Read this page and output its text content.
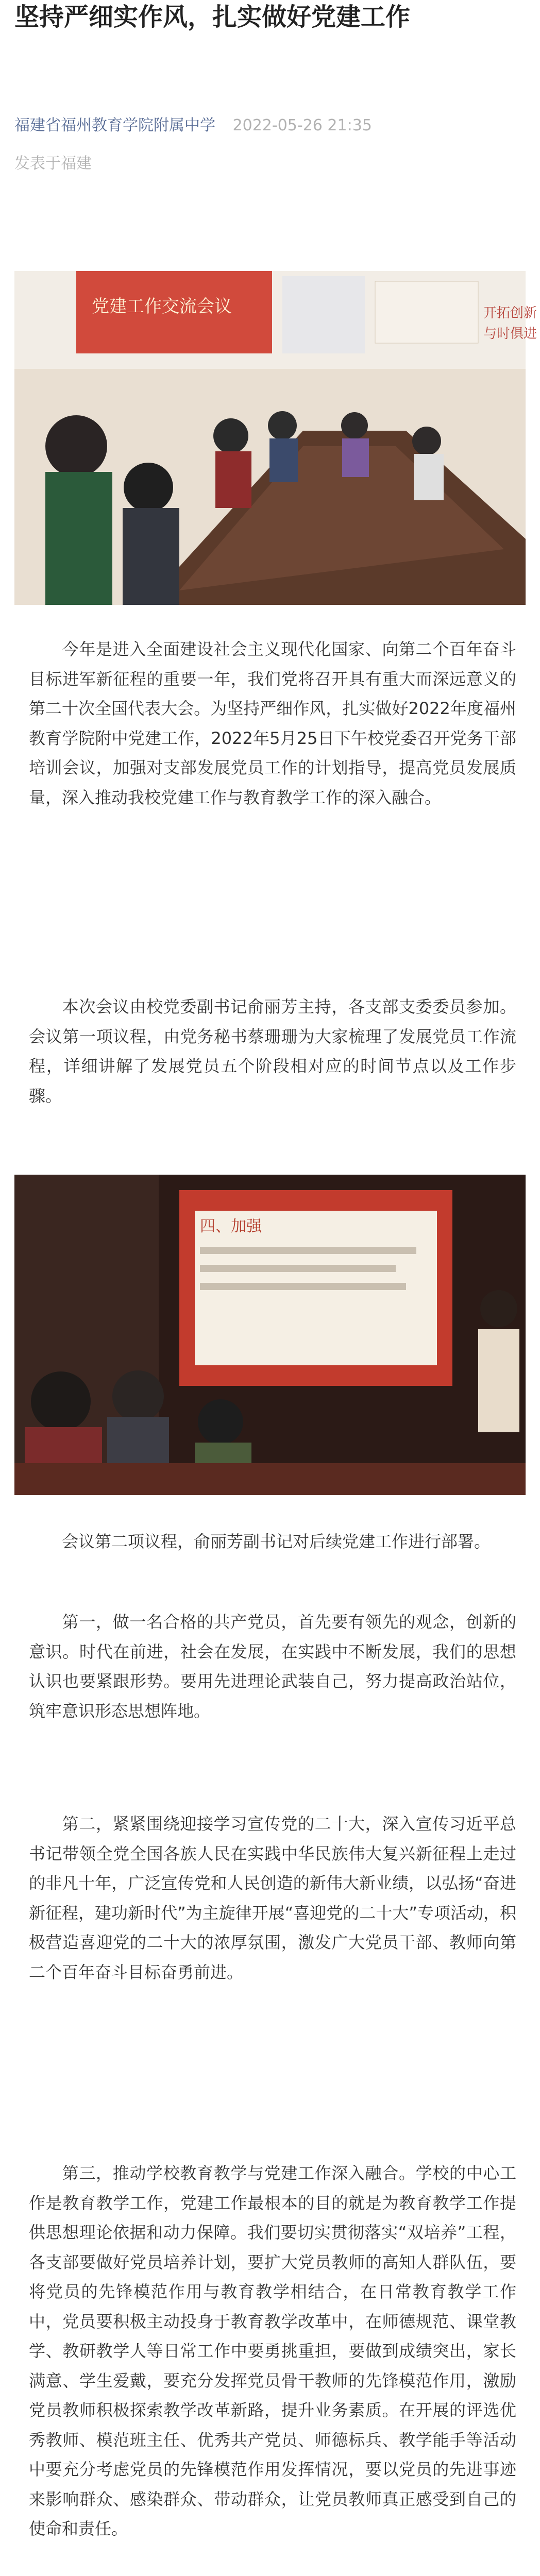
坚持严细实作风，扎实做好党建工作
福建省福州教育学院附属中学 2022-05-26 21:35
发表于福建
党建工作交流会议	开拓创新
与时俱进

今年是进入全面建设社会主义现代化国家、向第二个百年奋斗目标进军新征程的重要一年，我们党将召开具有重大而深远意义的第二十次全国代表大会。为坚持严细作风，扎实做好2022年度福州教育学院附中党建工作，2022年5月25日下午校党委召开党务干部培训会议，加强对支部发展党员工作的计划指导，提高党员发展质量，深入推动我校党建工作与教育教学工作的深入融合。

本次会议由校党委副书记俞丽芳主持，各支部支委委员参加。会议第一项议程，由党务秘书蔡珊珊为大家梳理了发展党员工作流程，详细讲解了发展党员五个阶段相对应的时间节点以及工作步骤。

四、加强

会议第二项议程，俞丽芳副书记对后续党建工作进行部署。

第一，做一名合格的共产党员，首先要有领先的观念，创新的意识。时代在前进，社会在发展，在实践中不断发展，我们的思想认识也要紧跟形势。要用先进理论武装自己，努力提高政治站位，筑牢意识形态思想阵地。

第二，紧紧围绕迎接学习宣传党的二十大，深入宣传习近平总书记带领全党全国各族人民在实践中华民族伟大复兴新征程上走过的非凡十年，广泛宣传党和人民创造的新伟大新业绩，以弘扬“奋进新征程，建功新时代”为主旋律开展“喜迎党的二十大”专项活动，积极营造喜迎党的二十大的浓厚氛围，激发广大党员干部、教师向第二个百年奋斗目标奋勇前进。

第三，推动学校教育教学与党建工作深入融合。学校的中心工作是教育教学工作，党建工作最根本的目的就是为教育教学工作提供思想理论依据和动力保障。我们要切实贯彻落实“双培养”工程，各支部要做好党员培养计划，要扩大党员教师的高知人群队伍，要将党员的先锋模范作用与教育教学相结合，在日常教育教学工作中，党员要积极主动投身于教育教学改革中，在师德规范、课堂教学、教研教学人等日常工作中要勇挑重担，要做到成绩突出，家长满意、学生爱戴，要充分发挥党员骨干教师的先锋模范作用，激励党员教师积极探索教学改革新路，提升业务素质。在开展的评选优秀教师、模范班主任、优秀共产党员、师德标兵、教学能手等活动中要充分考虑党员的先锋模范作用发挥情况，要以党员的先进事迹来影响群众、感染群众、带动群众，让党员教师真正感受到自己的使命和责任。
